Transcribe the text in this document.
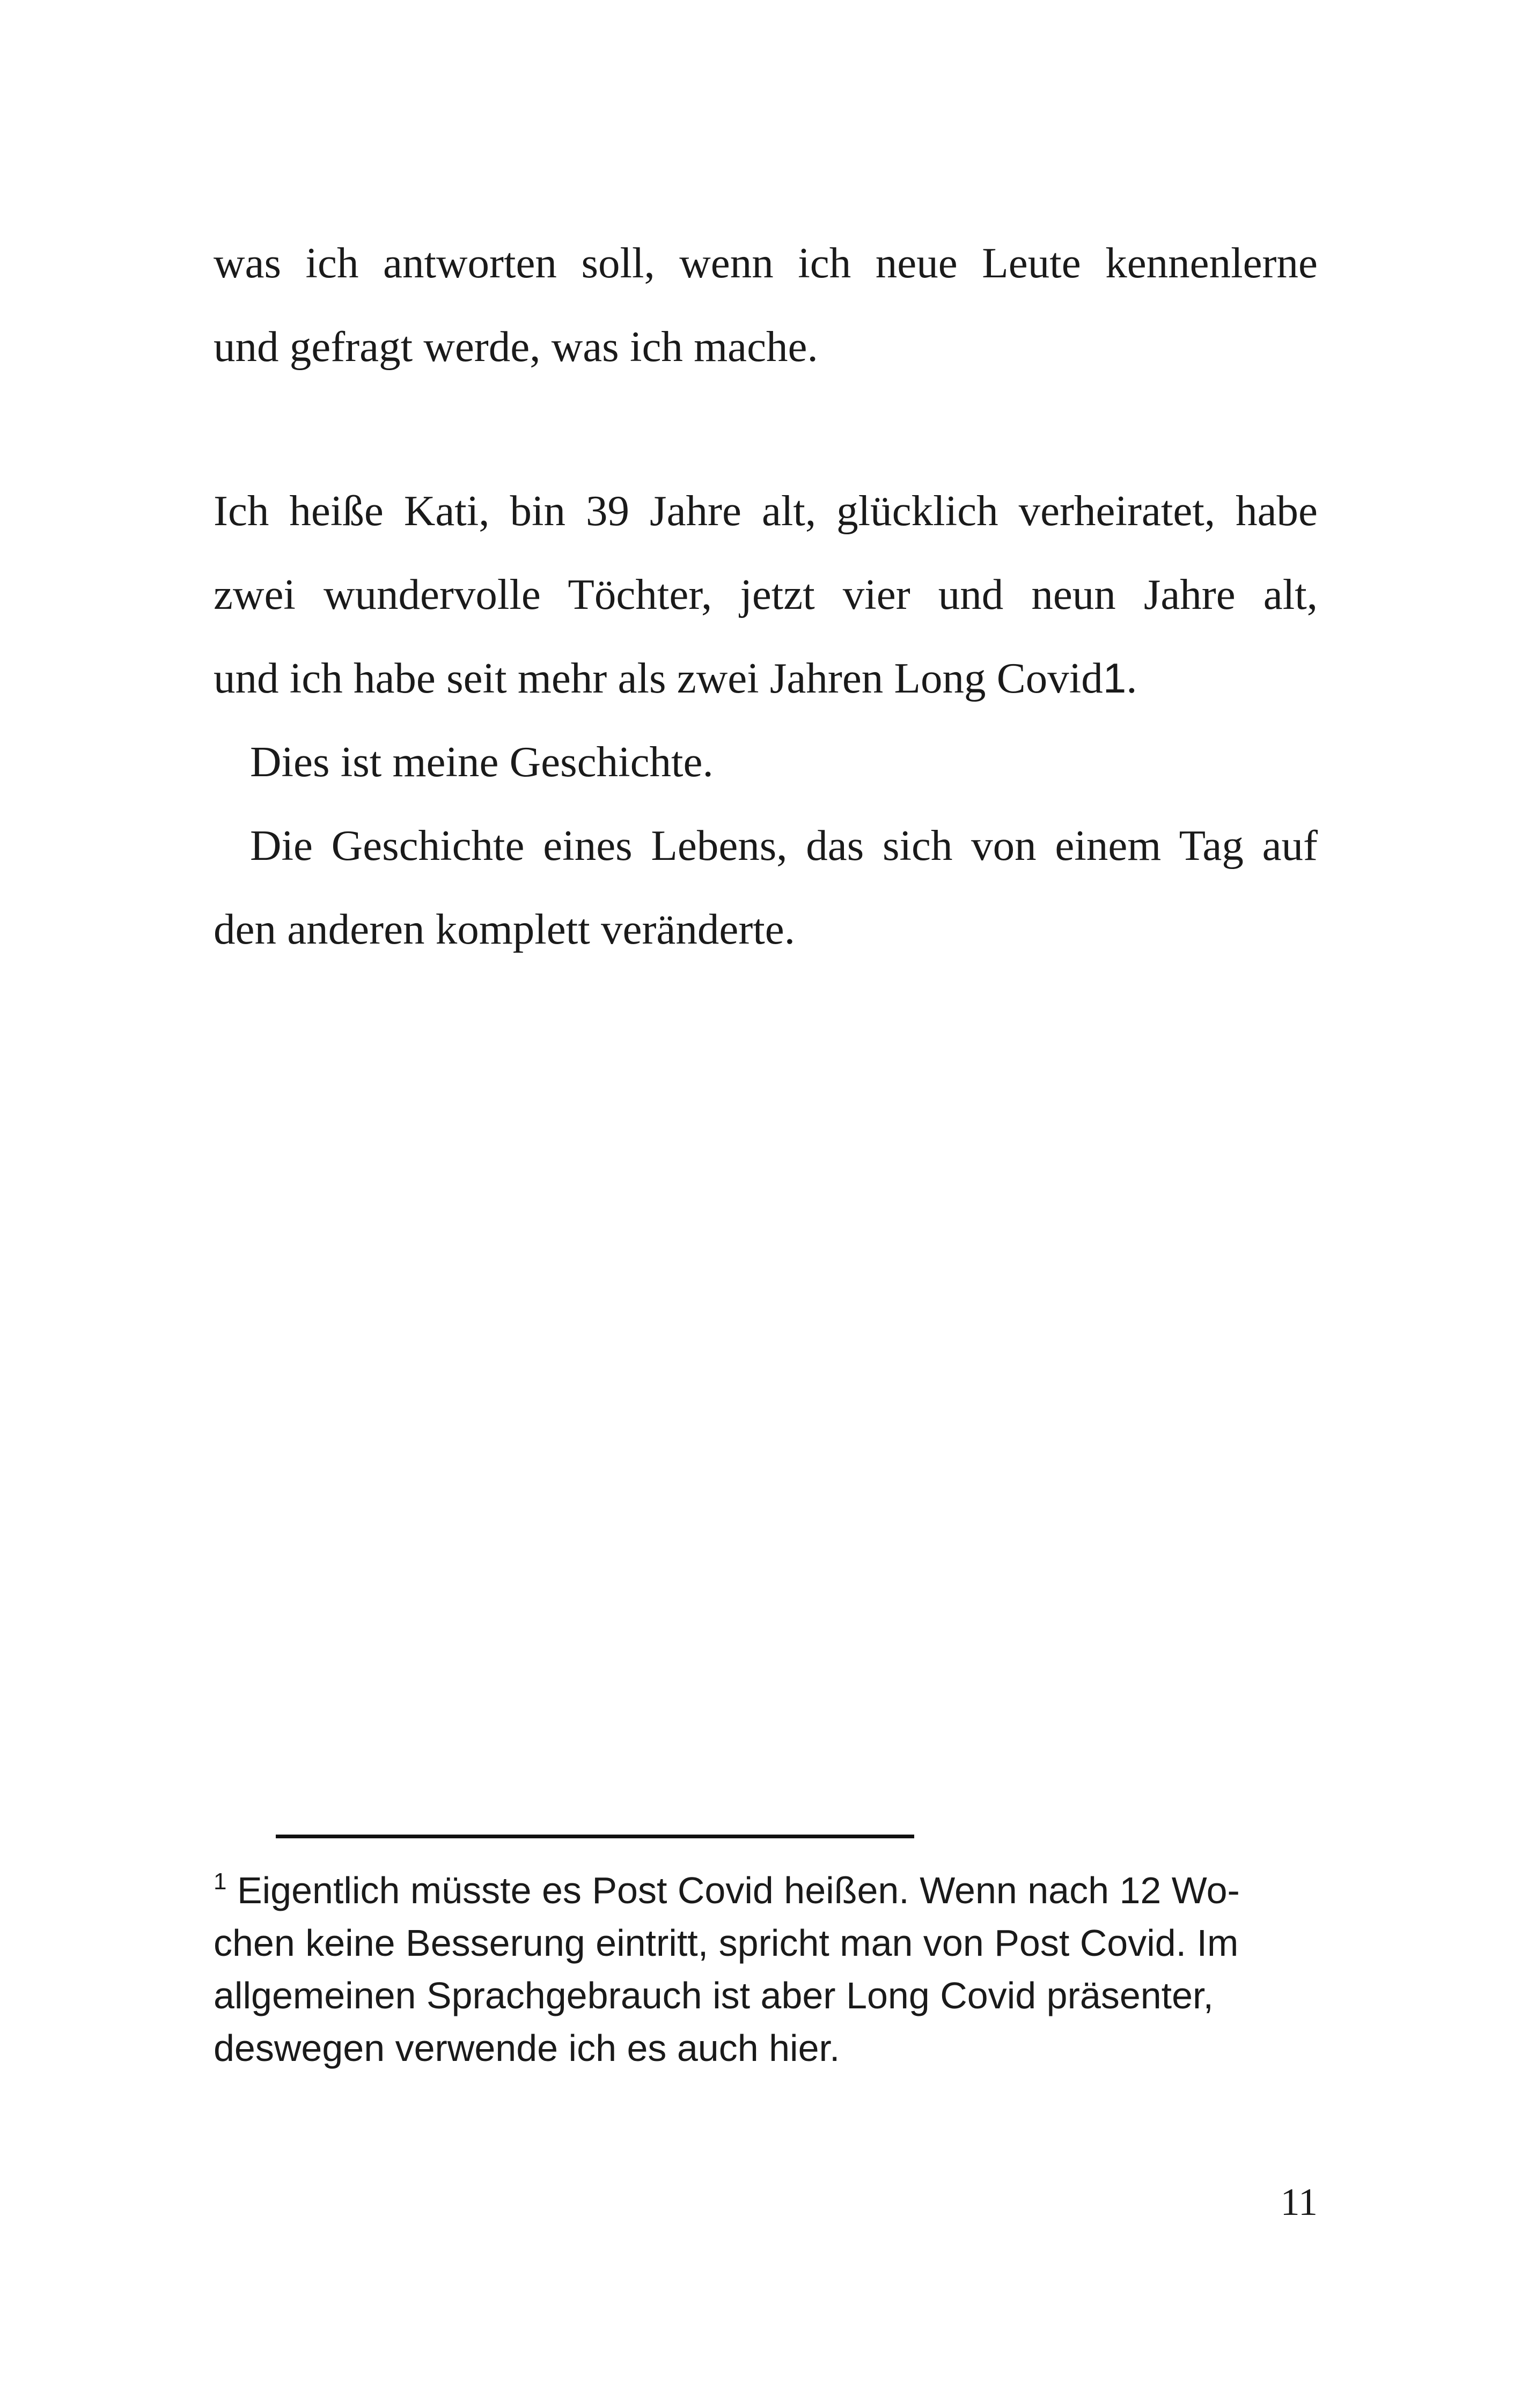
was ich antworten soll, wenn ich neue Leute kennenlerne
und gefragt werde, was ich mache.
Ich heiße Kati, bin 39 Jahre alt, glücklich verheiratet, habe
zwei wundervolle Töchter, jetzt vier und neun Jahre alt,
und ich habe seit mehr als zwei Jahren Long Covid1.
Dies ist meine Geschichte.
Die Geschichte eines Lebens, das sich von einem Tag auf
den anderen komplett veränderte.
$^1$ Eigentlich müsste es Post Covid heißen. Wenn nach 12 Wo-
chen keine Besserung eintritt, spricht man von Post Covid. Im
allgemeinen Sprachgebrauch ist aber Long Covid präsenter,
deswegen verwende ich es auch hier.
11
